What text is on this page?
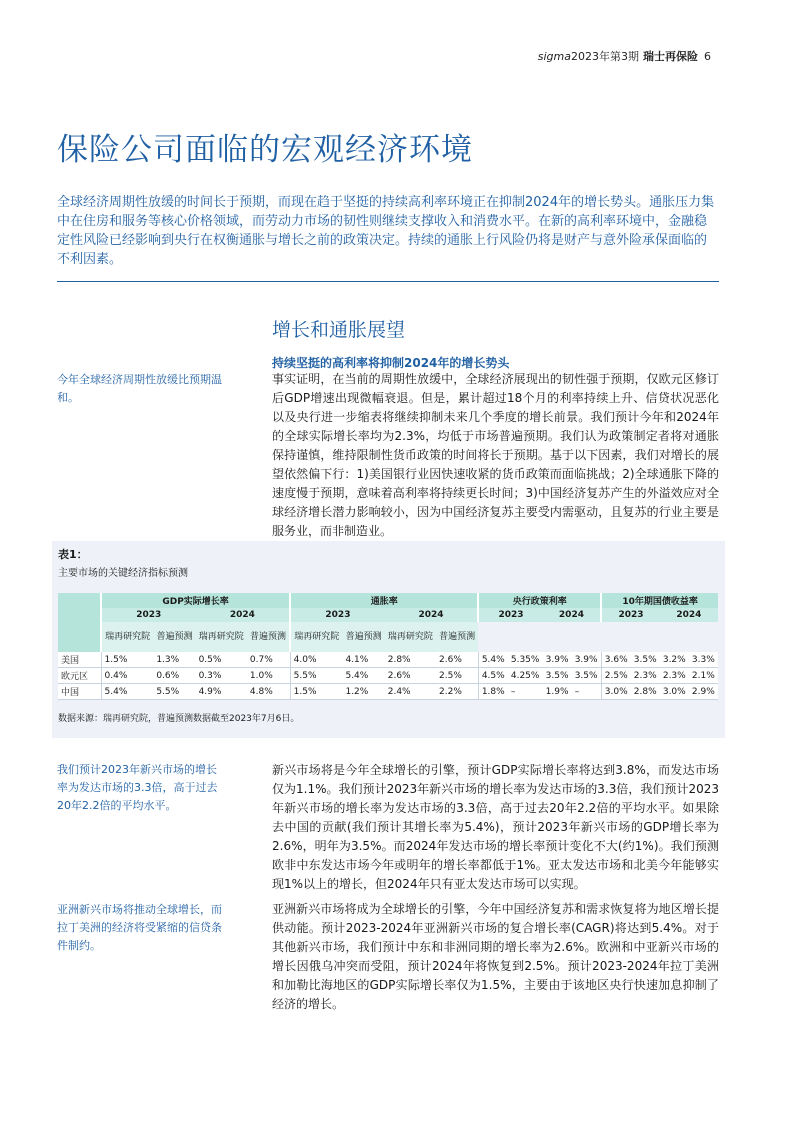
sigma2023年第3期 瑞士再保险 6
保险公司面临的宏观经济环境

全球经济周期性放缓的时间长于预期，而现在趋于坚挺的持续高利率环境正在抑制2024年的增长势头。通胀压力集中在住房和服务等核心价格领域，而劳动力市场的韧性则继续支撑收入和消费水平。在新的高利率环境中，金融稳定性风险已经影响到央行在权衡通胀与增长之前的政策决定。持续的通胀上行风险仍将是财产与意外险承保面临的不利因素。

增长和通胀展望
持续坚挺的高利率将抑制2024年的增长势头

今年全球经济周期性放缓比预期温和。

事实证明，在当前的周期性放缓中，全球经济展现出的韧性强于预期，仅欧元区修订后GDP增速出现微幅衰退。但是，累计超过18个月的利率持续上升、信贷状况恶化以及央行进一步缩表将继续抑制未来几个季度的增长前景。我们预计今年和2024年的全球实际增长率均为2.3%，均低于市场普遍预期。我们认为政策制定者将对通胀保持谨慎，维持限制性货币政策的时间将长于预期。基于以下因素，我们对增长的展望依然偏下行：1)美国银行业因快速收紧的货币政策而面临挑战；2)全球通胀下降的速度慢于预期，意味着高利率将持续更长时间；3)中国经济复苏产生的外溢效应对全球经济增长潜力影响较小，因为中国经济复苏主要受内需驱动，且复苏的行业主要是服务业，而非制造业。

表1：

主要市场的关键经济指标预测

	GDP实际增长率				通胀率				央行政策利率				10年期国债收益率			
	2023		2024		2023		2024		2023		2024		2023		2024	
	瑞再研究院	普遍预测	瑞再研究院	普遍预测	瑞再研究院	普遍预测	瑞再研究院	普遍预测								
美国	1.5%	1.3%	0.5%	0.7%	4.0%	4.1%	2.8%	2.6%	5.4%	5.35%	3.9%	3.9%	3.6%	3.5%	3.2%	3.3%
欧元区	0.4%	0.6%	0.3%	1.0%	5.5%	5.4%	2.6%	2.5%	4.5%	4.25%	3.5%	3.5%	2.5%	2.3%	2.3%	2.1%
中国	5.4%	5.5%	4.9%	4.8%	1.5%	1.2%	2.4%	2.2%	1.8%	–	1.9%	–	3.0%	2.8%	3.0%	2.9%

数据来源：瑞再研究院，普遍预测数据截至2023年7月6日。

我们预计2023年新兴市场的增长率为发达市场的3.3倍，高于过去20年2.2倍的平均水平。

新兴市场将是今年全球增长的引擎，预计GDP实际增长率将达到3.8%，而发达市场仅为1.1%。我们预计2023年新兴市场的增长率为发达市场的3.3倍，我们预计2023年新兴市场的增长率为发达市场的3.3倍，高于过去20年2.2倍的平均水平。如果除去中国的贡献(我们预计其增长率为5.4%)，预计2023年新兴市场的GDP增长率为2.6%，明年为3.5%。而2024年发达市场的增长率预计变化不大(约1%)。我们预测欧非中东发达市场今年或明年的增长率都低于1%。亚太发达市场和北美今年能够实现1%以上的增长，但2024年只有亚太发达市场可以实现。

亚洲新兴市场将推动全球增长，而拉丁美洲的经济将受紧缩的信贷条件制约。

亚洲新兴市场将成为全球增长的引擎，今年中国经济复苏和需求恢复将为地区增长提供动能。预计2023-2024年亚洲新兴市场的复合增长率(CAGR)将达到5.4%。对于其他新兴市场，我们预计中东和非洲同期的增长率为2.6%。欧洲和中亚新兴市场的增长因俄乌冲突而受阻，预计2024年将恢复到2.5%。预计2023-2024年拉丁美洲和加勒比海地区的GDP实际增长率仅为1.5%，主要由于该地区央行快速加息抑制了经济的增长。
